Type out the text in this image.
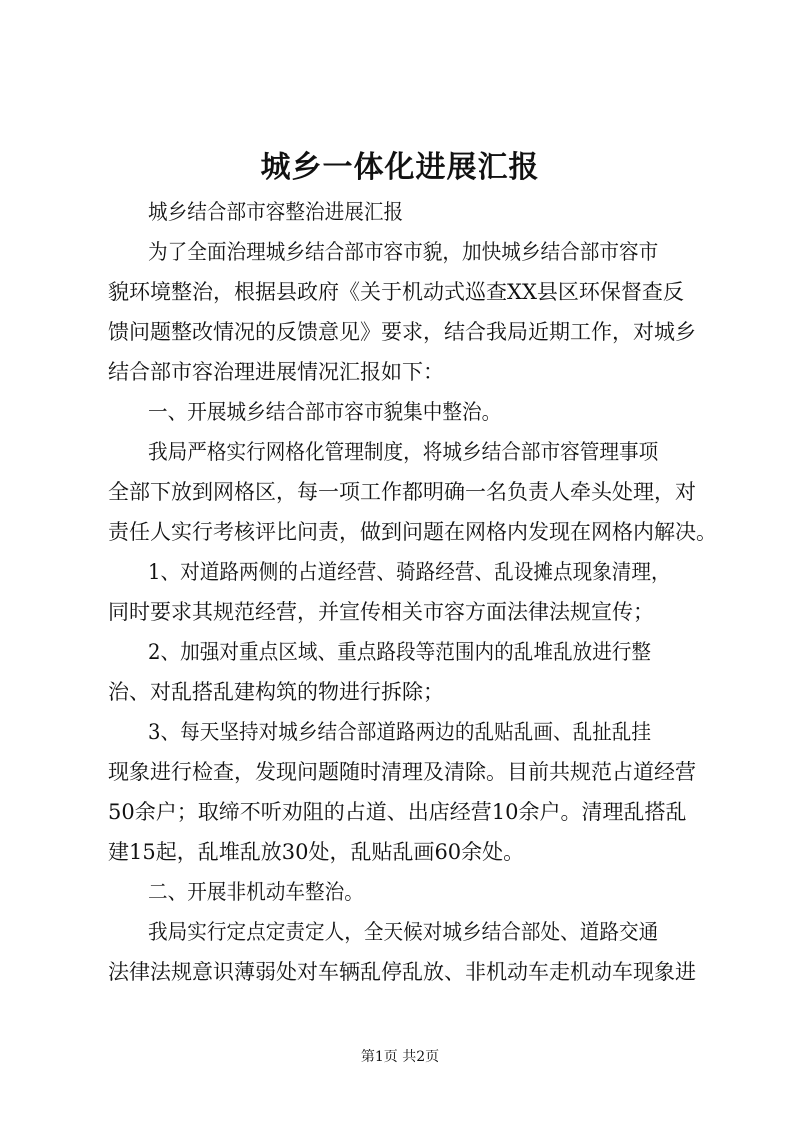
城乡一体化进展汇报
城乡结合部市容整治进展汇报
为了全面治理城乡结合部市容市貌，加快城乡结合部市容市
貌环境整治，根据县政府《关于机动式巡查XX县区环保督查反
馈问题整改情况的反馈意见》要求，结合我局近期工作，对城乡
结合部市容治理进展情况汇报如下：
一、开展城乡结合部市容市貌集中整治。
我局严格实行网格化管理制度，将城乡结合部市容管理事项
全部下放到网格区，每一项工作都明确一名负责人牵头处理，对
责任人实行考核评比问责，做到问题在网格内发现在网格内解决。
1、对道路两侧的占道经营、骑路经营、乱设摊点现象清理，
同时要求其规范经营，并宣传相关市容方面法律法规宣传；
2、加强对重点区域、重点路段等范围内的乱堆乱放进行整
治、对乱搭乱建构筑的物进行拆除；
3、每天坚持对城乡结合部道路两边的乱贴乱画、乱扯乱挂
现象进行检查，发现问题随时清理及清除。目前共规范占道经营
50余户；取缔不听劝阻的占道、出店经营10余户。清理乱搭乱
建15起，乱堆乱放30处，乱贴乱画60余处。
二、开展非机动车整治。
我局实行定点定责定人，全天候对城乡结合部处、道路交通
法律法规意识薄弱处对车辆乱停乱放、非机动车走机动车现象进
第1页 共2页
